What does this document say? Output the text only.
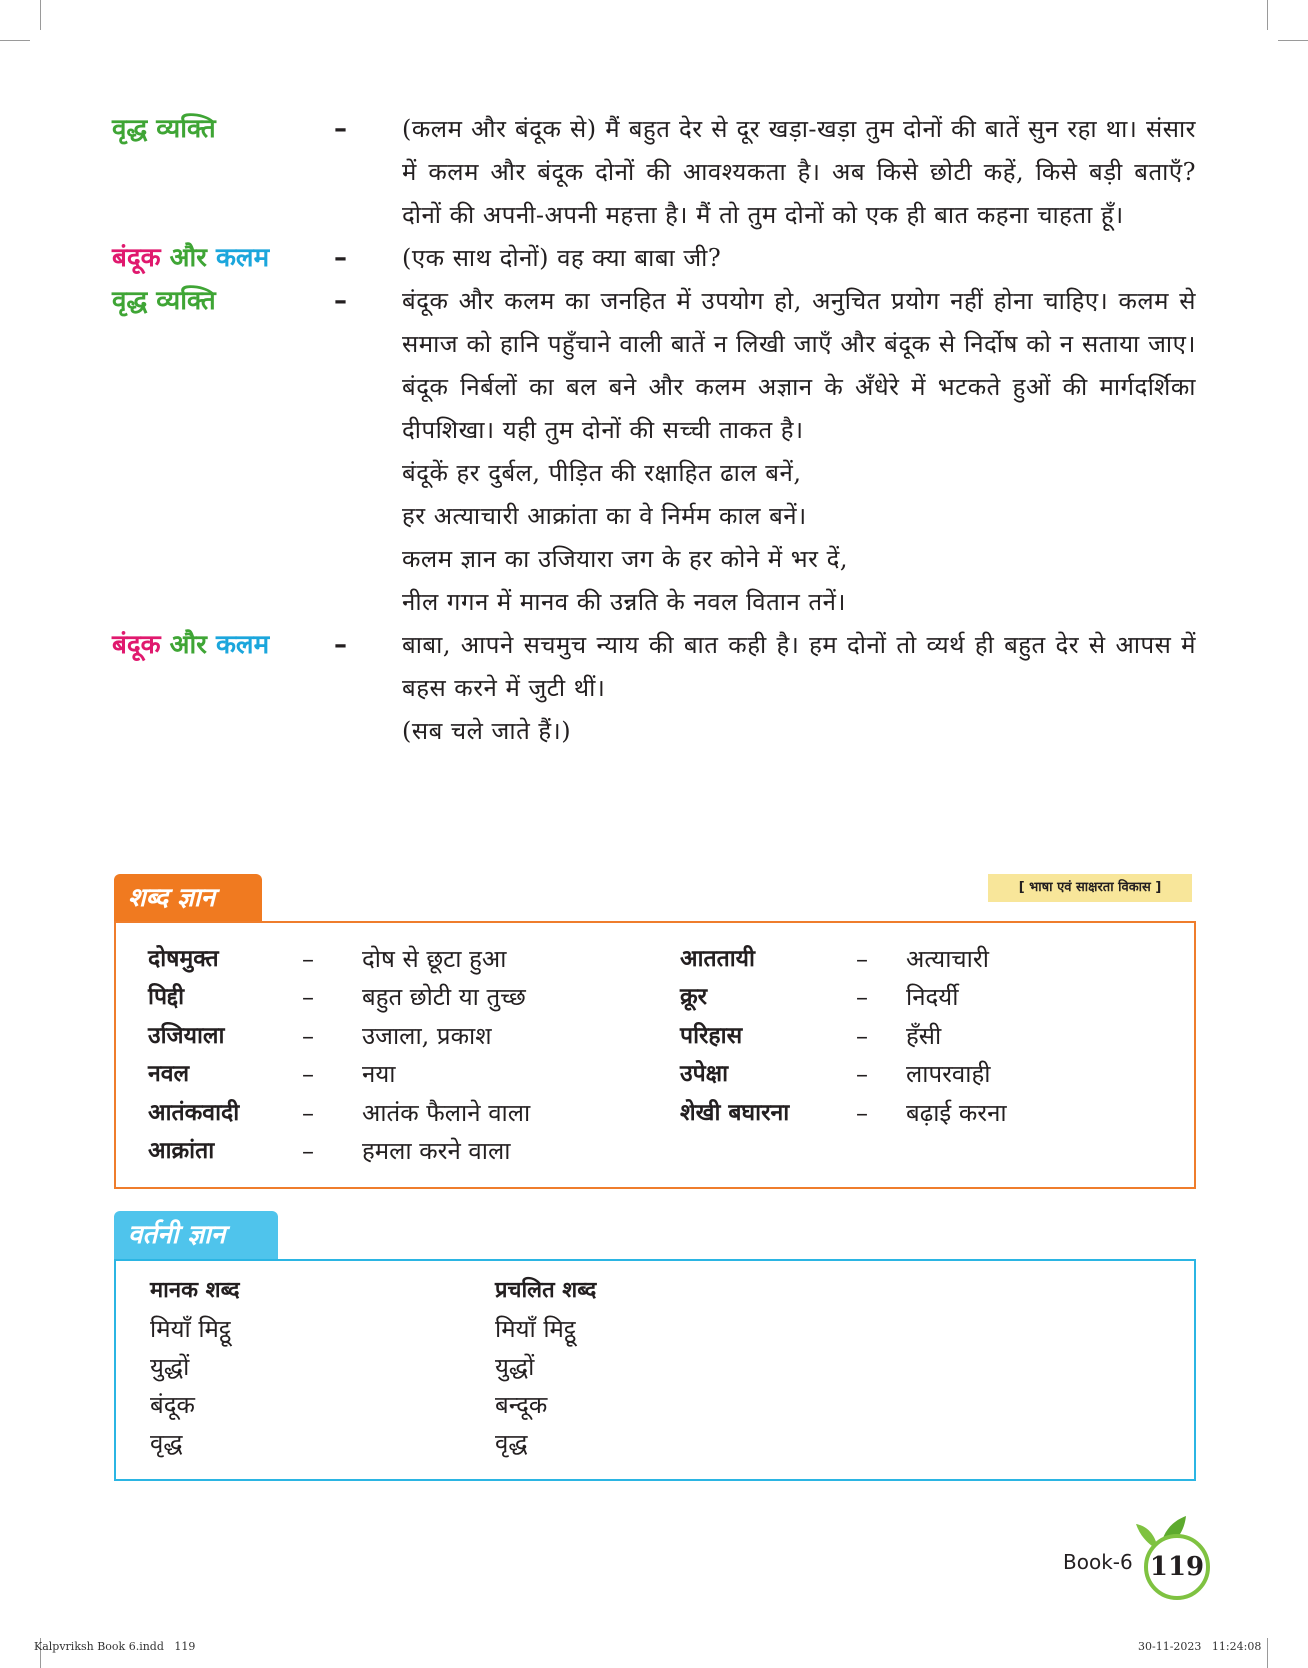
वृद्ध व्यक्ति	– (कलम और बंदूक से) मैं बहुत देर से दूर खड़ा-खड़ा तुम दोनों की बातें सुन रहा था। संसार में कलम और बंदूक दोनों की आवश्यकता है। अब किसे छोटी कहें, किसे बड़ी बताएँ? दोनों की अपनी-अपनी महत्ता है। मैं तो तुम दोनों को एक ही बात कहना चाहता हूँ।

बंदूक और कलम – (एक साथ दोनों) वह क्या बाबा जी?

वृद्ध व्यक्ति	– बंदूक और कलम का जनहित में उपयोग हो, अनुचित प्रयोग नहीं होना चाहिए। कलम से समाज को हानि पहुँचाने वाली बातें न लिखी जाएँ और बंदूक से निर्दोष को न सताया जाए। बंदूक निर्बलों का बल बने और कलम अज्ञान के अँधेरे में भटकते हुओं की मार्गदर्शिका दीपशिखा। यही तुम दोनों की सच्ची ताकत है।

बंदूकें हर दुर्बल, पीड़ित की रक्षाहित ढाल बनें,

हर अत्याचारी आक्रांता का वे निर्मम काल बनें।

कलम ज्ञान का उजियारा जग के हर कोने में भर दें,

नील गगन में मानव की उन्नति के नवल वितान तनें।

बंदूक और कलम – बाबा, आपने सचमुच न्याय की बात कही है। हम दोनों तो व्यर्थ ही बहुत देर से आपस में बहस करने में जुटी थीं।

(सब चले जाते हैं।)

शब्द ज्ञान	[ भाषा एवं साक्षरता विकास ]
दोषमुक्त	– दोष से छूटा हुआ	आततायी	– अत्याचारी
पिद्दी	– बहुत छोटी या तुच्छ	क्रूर	– निदर्यी
उजियाला	– उजाला, प्रकाश	परिहास	– हँसी
नवल	– नया	उपेक्षा	– लापरवाही
आतंकवादी	– आतंक फैलाने वाला	शेखी बघारना	– बढ़ाई करना
आक्रांता	– हमला करने वाला
वर्तनी ज्ञान
मानक शब्द	प्रचलित शब्द
मियाँ मिट्ठू	मियाँ मिट्ठू
युद्धों	युद्धों
बंदूक	बन्दूक
वृद्ध	वृद्ध
Book-6 119
Kalpvriksh Book 6.indd   119	30-11-2023   11:24:08
